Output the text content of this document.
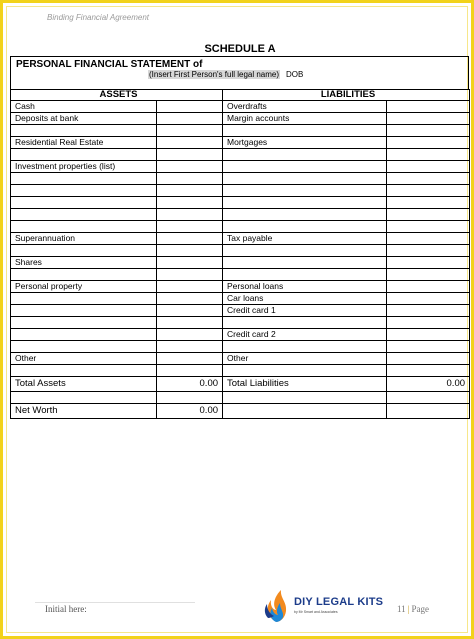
Binding Financial Agreement
SCHEDULE A
PERSONAL FINANCIAL STATEMENT of
(Insert First Person's full legal name) DOB
ASSETS		LIABILITIES	
Cash		Overdrafts	
Deposits at bank		Margin accounts	

Residential Real Estate		Mortgages	

Investment properties (list)			

Superannuation		Tax payable	

Shares			

Personal property		Personal loans	
		Car loans	
		Credit card 1	

		Credit card 2	

Other		Other	

Total Assets	0.00	Total Liabilities	0.00

Net Worth	0.00		
Initial here:
DIY LEGAL KITS
by Mr Smart and Associates	11 | Page
